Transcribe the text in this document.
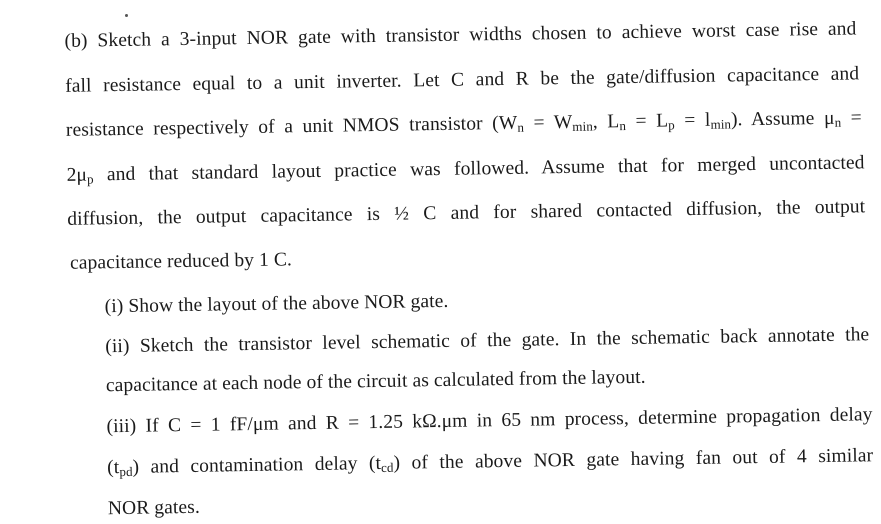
(b) Sketch a 3-input NOR gate with transistor widths chosen to achieve worst case rise and
fall resistance equal to a unit inverter. Let C and R be the gate/diffusion capacitance and
resistance respectively of a unit NMOS transistor ($W_n = W_{min}$, $L_n = L_p = l_{min}$). Assume $\mu_n$ =
$2\mu_p$ and that standard layout practice was followed. Assume that for merged uncontacted
diffusion, the output capacitance is ½ C and for shared contacted diffusion, the output
capacitance reduced by 1 C.
(i) Show the layout of the above NOR gate.
(ii) Sketch the transistor level schematic of the gate. In the schematic back annotate the
capacitance at each node of the circuit as calculated from the layout.
(iii) If C = 1 fF/μm and R = 1.25 kΩ.μm in 65 nm process, determine propagation delay
$(t_{pd})$ and contamination delay $(t_{cd})$ of the above NOR gate having fan out of 4 similar
NOR gates.
